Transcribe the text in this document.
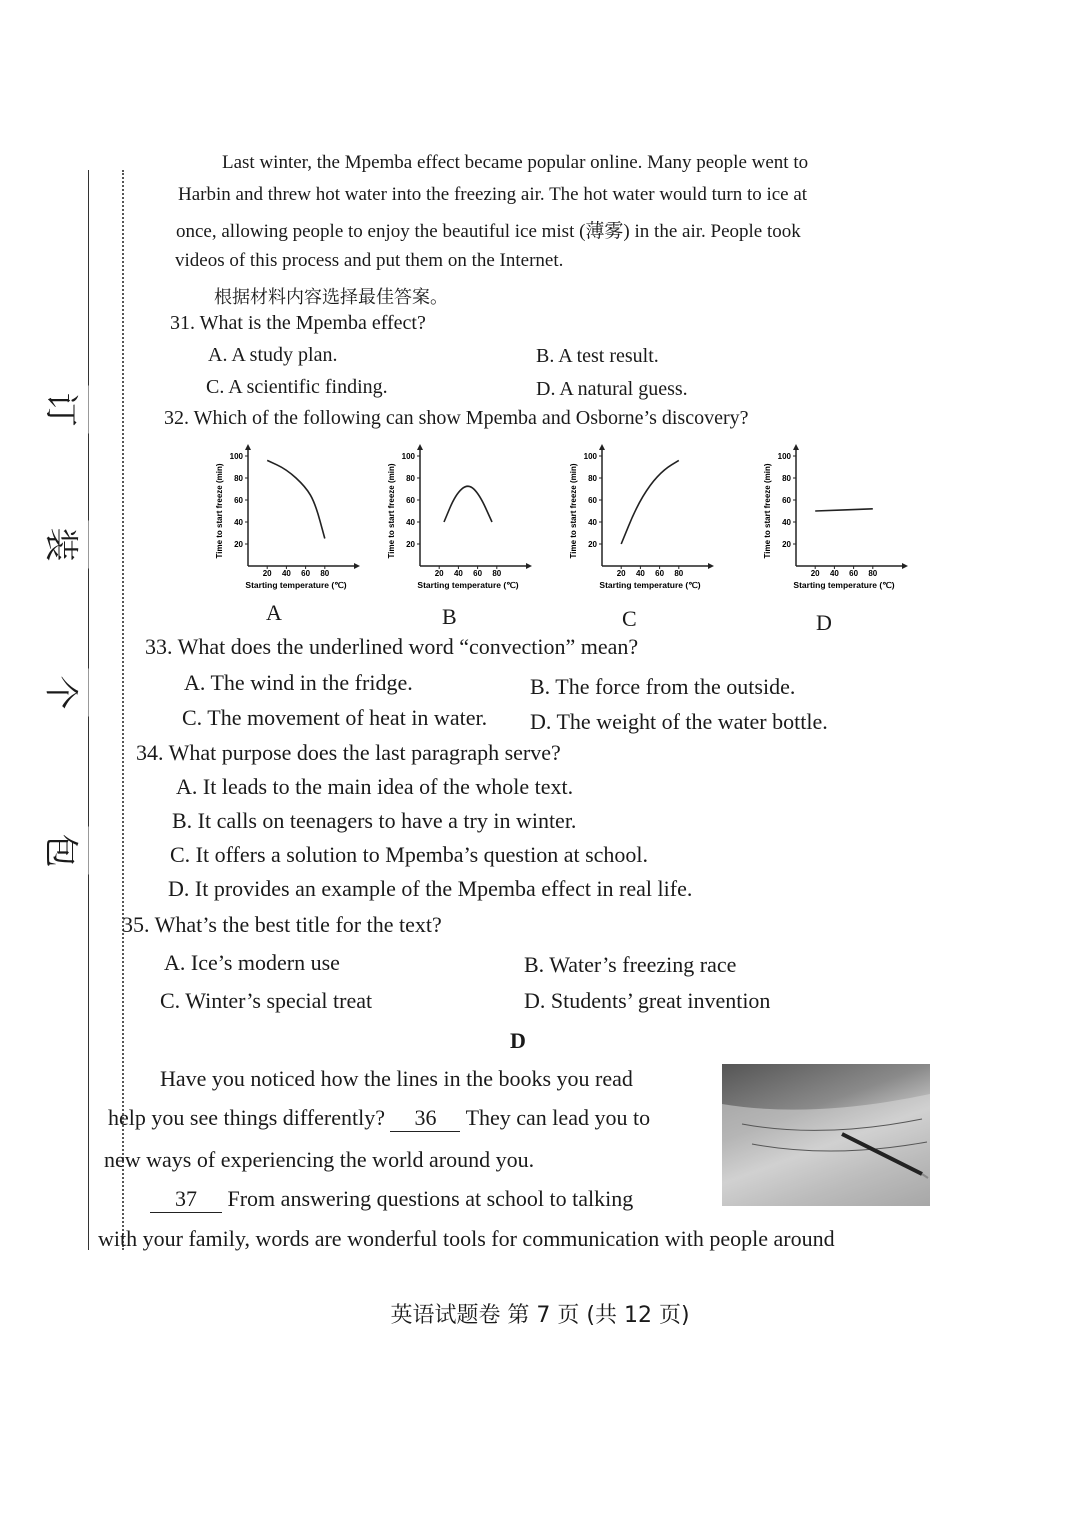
订
装
个
包
Last winter, the Mpemba effect became popular online. Many people went to
Harbin and threw hot water into the freezing air. The hot water would turn to ice at
once, allowing people to enjoy the beautiful ice mist (薄雾) in the air. People took
videos of this process and put them on the Internet.
根据材料内容选择最佳答案。
31. What is the Mpemba effect?
A. A study plan.	B. A test result.
C. A scientific finding.	D. A natural guess.
32. Which of the following can show Mpemba and Osborne’s discovery?
20
40
60
80
100
20 40 60 80
Starting temperature (℃)
Time to start freeze (min)	20
40
60
80
100
20 40 60 80
Starting temperature (℃)
Time to start freeze (min)	20
40
60
80
100
20 40 60 80
Starting temperature (℃)
Time to start freeze (min)	20
40
60
80
100
20 40 60 80
Starting temperature (℃)
Time to start freeze (min)
A	B	C	D
33. What does the underlined word “convection” mean?
A. The wind in the fridge.	B. The force from the outside.
C. The movement of heat in water. D. The weight of the water bottle.
34. What purpose does the last paragraph serve?
A. It leads to the main idea of the whole text.
B. It calls on teenagers to have a try in winter.
C. It offers a solution to Mpemba’s question at school.
D. It provides an example of the Mpemba effect in real life.
35. What’s the best title for the text?
A. Ice’s modern use	B. Water’s freezing race
C. Winter’s special treat	D. Students’ great invention
D
Have you noticed how the lines in the books you read
help you see things differently? 36 They can lead you to
new ways of experiencing the world around you.
37 From answering questions at school to talking
with your family, words are wonderful tools for communication with people around
英语试题卷 第 7 页 (共 12 页)
